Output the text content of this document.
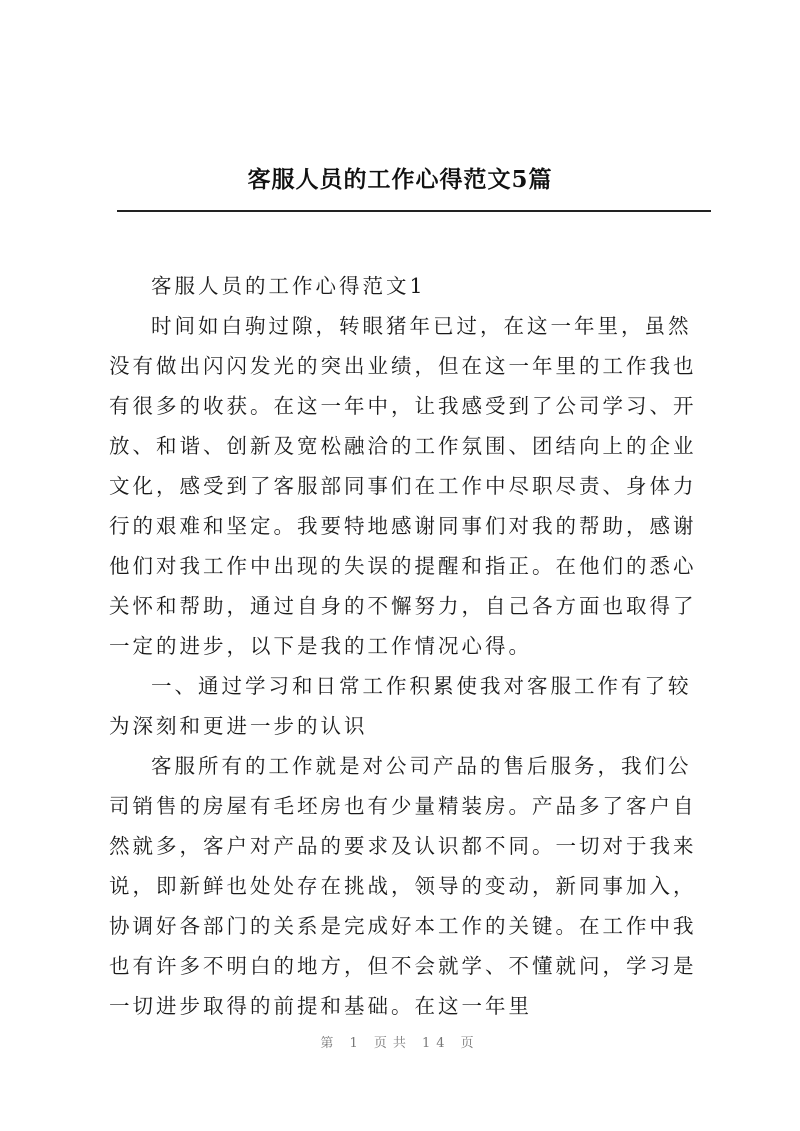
客服人员的工作心得范文5篇

客服人员的工作心得范文1

时间如白驹过隙，转眼猪年已过，在这一年里，虽然没有做出闪闪发光的突出业绩，但在这一年里的工作我也有很多的收获。在这一年中，让我感受到了公司学习、开放、和谐、创新及宽松融洽的工作氛围、团结向上的企业文化，感受到了客服部同事们在工作中尽职尽责、身体力行的艰难和坚定。我要特地感谢同事们对我的帮助，感谢他们对我工作中出现的失误的提醒和指正。在他们的悉心关怀和帮助，通过自身的不懈努力，自己各方面也取得了一定的进步，以下是我的工作情况心得。

一、通过学习和日常工作积累使我对客服工作有了较为深刻和更进一步的认识

客服所有的工作就是对公司产品的售后服务，我们公司销售的房屋有毛坯房也有少量精装房。产品多了客户自然就多，客户对产品的要求及认识都不同。一切对于我来说，即新鲜也处处存在挑战，领导的变动，新同事加入，协调好各部门的关系是完成好本工作的关键。在工作中我也有许多不明白的地方，但不会就学、不懂就问，学习是一切进步取得的前提和基础。在这一年里

第 1 页共 14 页
